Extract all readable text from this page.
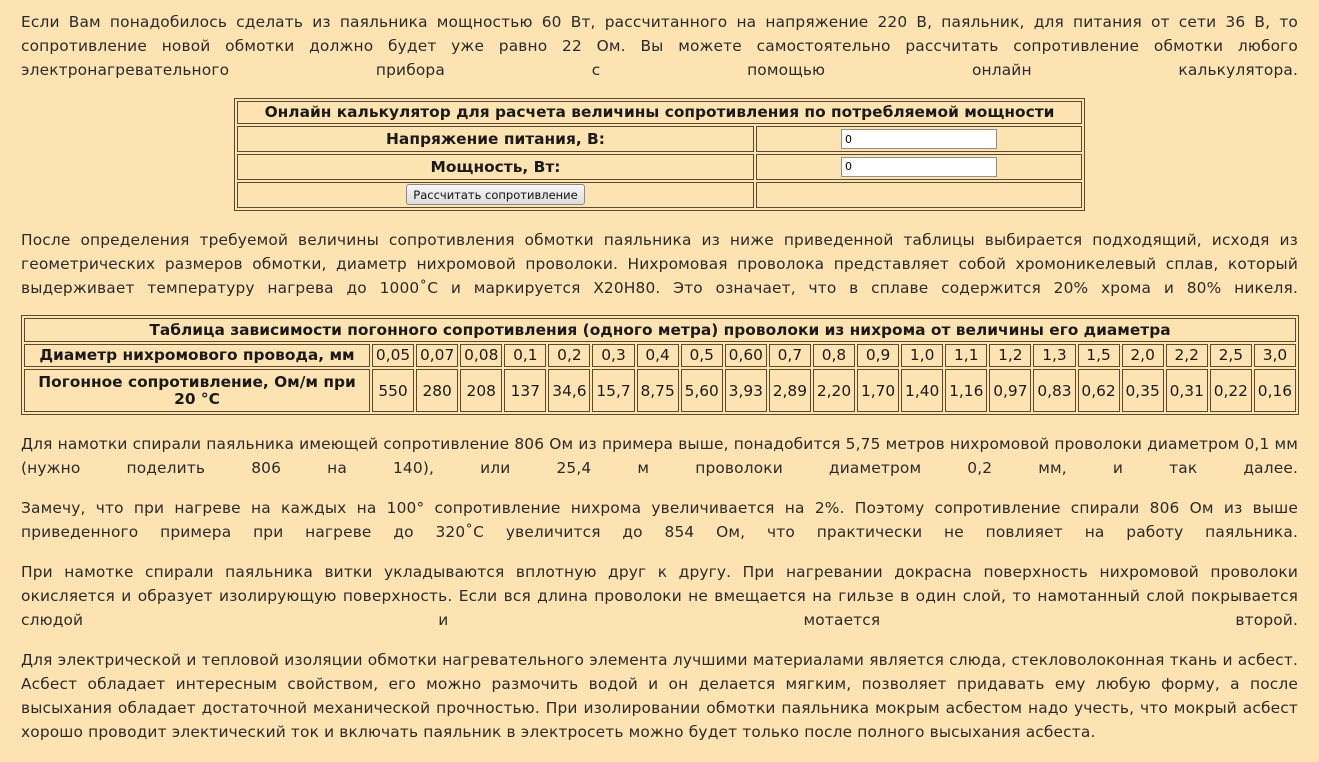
Если Вам понадобилось сделать из паяльника мощностью 60 Вт, рассчитанного на напряжение 220 В, паяльник, для питания от сети 36 В, то сопротивление новой обмотки должно будет уже равно 22 Ом. Вы можете самостоятельно рассчитать сопротивление обмотки любого электронагревательного прибора с помощью онлайн калькулятора.

Онлайн калькулятор для расчета величины сопротивления по потребляемой мощности	
Напряжение питания, В:	0
Мощность, Вт:	0
Рассчитать сопротивление	

После определения требуемой величины сопротивления обмотки паяльника из ниже приведенной таблицы выбирается подходящий, исходя из геометрических размеров обмотки, диаметр нихромовой проволоки. Нихромовая проволока представляет собой хромоникелевый сплав, который выдерживает температуру нагрева до 1000˚С и маркируется Х20Н80. Это означает, что в сплаве содержится 20% хрома и 80% никеля.

Таблица зависимости погонного сопротивления (одного метра) проволоки из нихрома от величины его диаметра																					
Диаметр нихромового провода, мм	0,05	0,07	0,08	0,1	0,2	0,3	0,4	0,5	0,60	0,7	0,8	0,9	1,0	1,1	1,2	1,3	1,5	2,0	2,2	2,5	3,0
Погонное сопротивление, Ом/м при 20 °С	550	280	208	137	34,6	15,7	8,75	5,60	3,93	2,89	2,20	1,70	1,40	1,16	0,97	0,83	0,62	0,35	0,31	0,22	0,16

Для намотки спирали паяльника имеющей сопротивление 806 Ом из примера выше, понадобится 5,75 метров нихромовой проволоки диаметром 0,1 мм (нужно поделить 806 на 140), или 25,4 м проволоки диаметром 0,2 мм, и так далее.

Замечу, что при нагреве на каждых на 100° сопротивление нихрома увеличивается на 2%. Поэтому сопротивление спирали 806 Ом из выше приведенного примера при нагреве до 320˚С увеличится до 854 Ом, что практически не повлияет на работу паяльника.

При намотке спирали паяльника витки укладываются вплотную друг к другу. При нагревании докрасна поверхность нихромовой проволоки окисляется и образует изолирующую поверхность. Если вся длина проволоки не вмещается на гильзе в один слой, то намотанный слой покрывается слюдой и мотается второй.

Для электрической и тепловой изоляции обмотки нагревательного элемента лучшими материалами является слюда, стекловолоконная ткань и асбест. Асбест обладает интересным свойством, его можно размочить водой и он делается мягким, позволяет придавать ему любую форму, а после высыхания обладает достаточной механической прочностью. При изолировании обмотки паяльника мокрым асбестом надо учесть, что мокрый асбест хорошо проводит электический ток и включать паяльник в электросеть можно будет только после полного высыхания асбеста.
